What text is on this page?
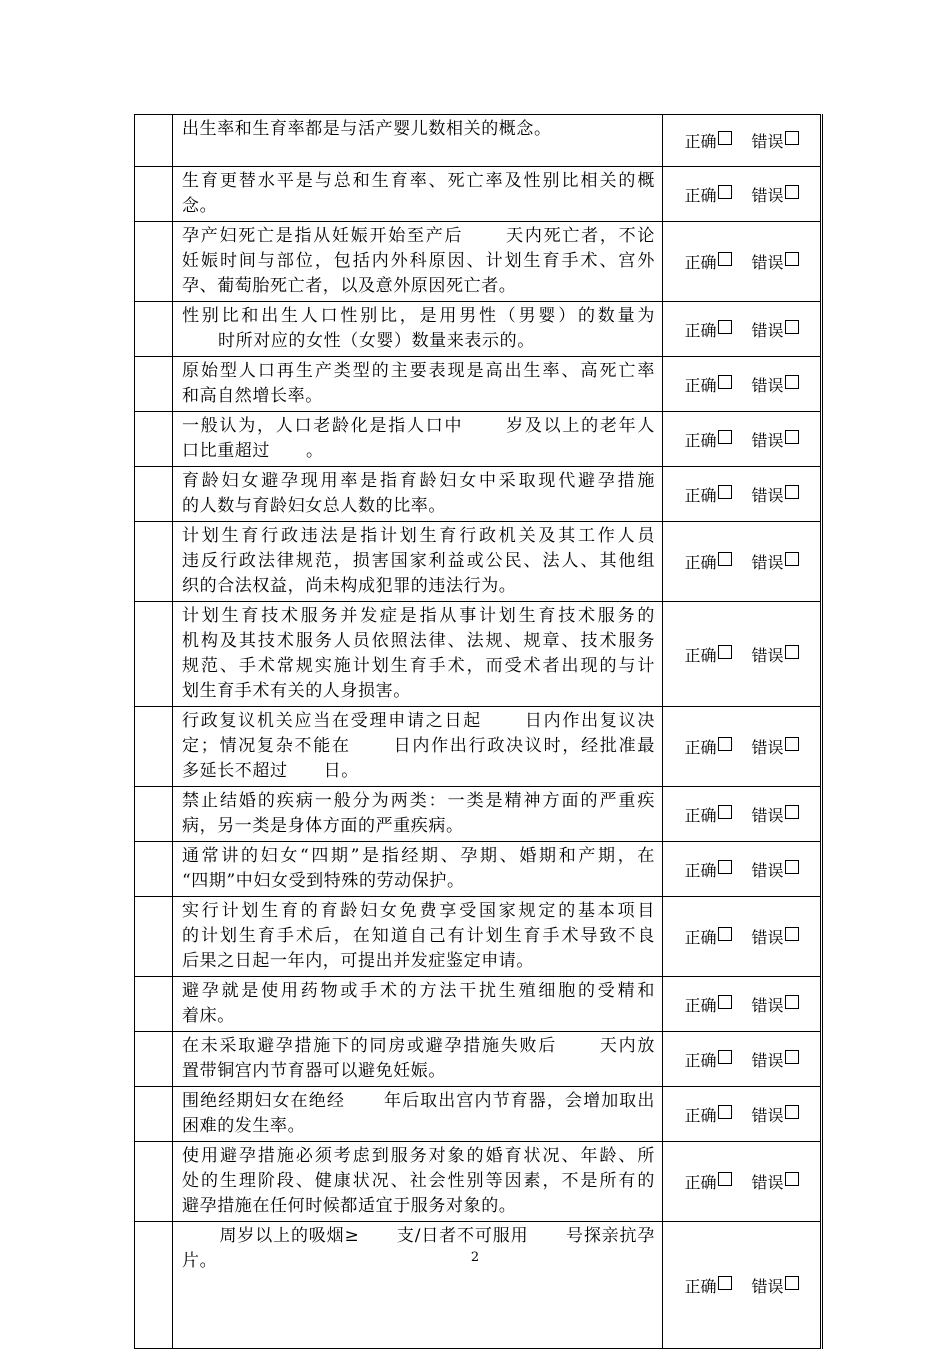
	出生率和生育率都是与活产婴儿数相关的概念。	正确 错误

	生育更替水平是与总和生育率、死亡率及性别比相关的概
念。	正确 错误

	孕产妇死亡是指从妊娠开始至产后      天内死亡者，不论
妊娠时间与部位，包括内外科原因、计划生育手术、宫外
孕、葡萄胎死亡者，以及意外原因死亡者。	正确 错误

	性别比和出生人口性别比，是用男性（男婴）的数量为
时所对应的女性（女婴）数量来表示的。	正确 错误

	原始型人口再生产类型的主要表现是高出生率、高死亡率
和高自然增长率。	正确 错误

	一般认为，人口老龄化是指人口中      岁及以上的老年人
口比重超过      。	正确 错误

	育龄妇女避孕现用率是指育龄妇女中采取现代避孕措施
的人数与育龄妇女总人数的比率。	正确 错误

	计划生育行政违法是指计划生育行政机关及其工作人员
违反行政法律规范，损害国家利益或公民、法人、其他组
织的合法权益，尚未构成犯罪的违法行为。	正确 错误

	计划生育技术服务并发症是指从事计划生育技术服务的
机构及其技术服务人员依照法律、法规、规章、技术服务
规范、手术常规实施计划生育手术，而受术者出现的与计
划生育手术有关的人身损害。	正确 错误

	行政复议机关应当在受理申请之日起      日内作出复议决
定；情况复杂不能在      日内作出行政决议时，经批准最
多延长不超过      日。	正确 错误

	禁止结婚的疾病一般分为两类：一类是精神方面的严重疾
病，另一类是身体方面的严重疾病。	正确 错误

	通常讲的妇女“四期”是指经期、孕期、婚期和产期，在
“四期”中妇女受到特殊的劳动保护。	正确 错误

	实行计划生育的育龄妇女免费享受国家规定的基本项目
的计划生育手术后，在知道自己有计划生育手术导致不良
后果之日起一年内，可提出并发症鉴定申请。	正确 错误

	避孕就是使用药物或手术的方法干扰生殖细胞的受精和
着床。	正确 错误

	在未采取避孕措施下的同房或避孕措施失败后      天内放
置带铜宫内节育器可以避免妊娠。	正确 错误

	围绝经期妇女在绝经      年后取出宫内节育器，会增加取出
困难的发生率。	正确 错误

	使用避孕措施必须考虑到服务对象的婚育状况、年龄、所
处的生理阶段、健康状况、社会性别等因素，不是所有的
避孕措施在任何时候都适宜于服务对象的。	正确 错误

	周岁以上的吸烟≥      支/日者不可服用      号探亲抗孕片。	正确 错误
2
